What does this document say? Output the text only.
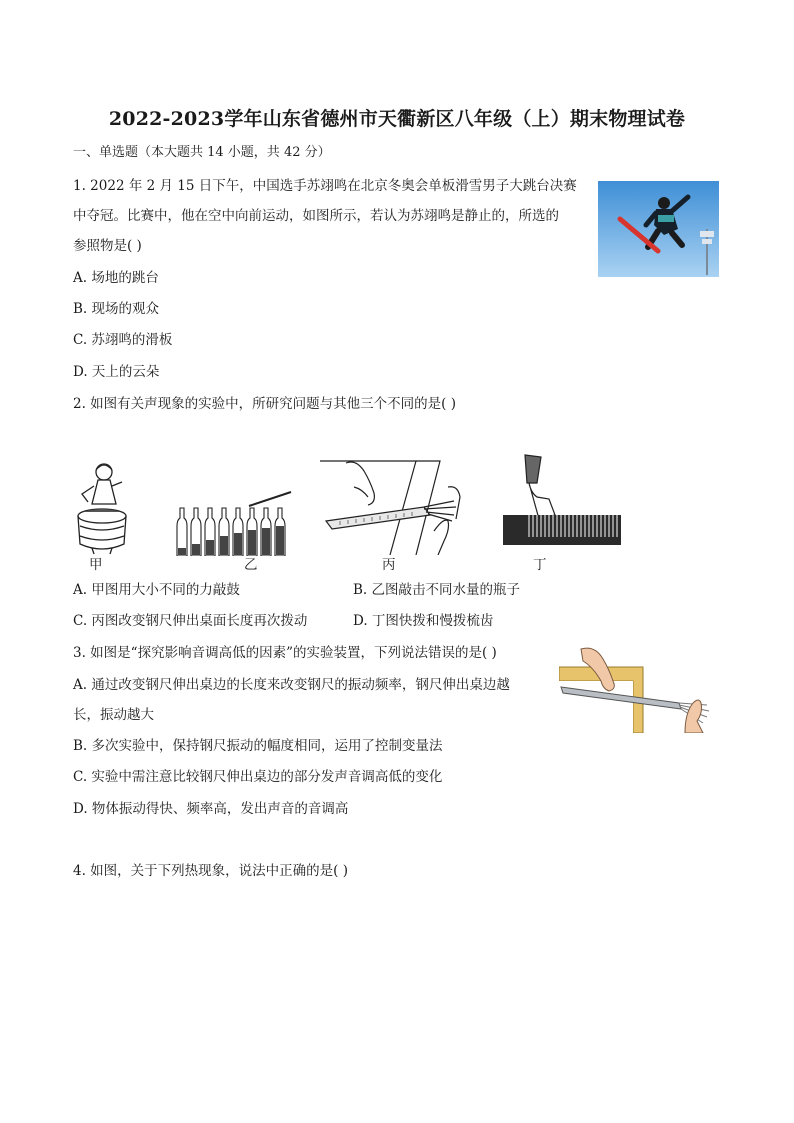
2022-2023学年山东省德州市天衢新区八年级（上）期末物理试卷
一、单选题（本大题共 14 小题，共 42 分）
1. 2022 年 2 月 15 日下午，中国选手苏翊鸣在北京冬奥会单板滑雪男子大跳台决赛
中夺冠。比赛中，他在空中向前运动，如图所示，若认为苏翊鸣是静止的，所选的
参照物是( )
A. 场地的跳台
B. 现场的观众
C. 苏翊鸣的滑板
D. 天上的云朵
2. 如图有关声现象的实验中，所研究问题与其他三个不同的是( )
甲	乙	丙	丁
A. 甲图用大小不同的力敲鼓	B. 乙图敲击不同水量的瓶子
C. 丙图改变钢尺伸出桌面长度再次拨动	D. 丁图快拨和慢拨梳齿
3. 如图是“探究影响音调高低的因素”的实验装置，下列说法错误的是( )
A. 通过改变钢尺伸出桌边的长度来改变钢尺的振动频率，钢尺伸出桌边越
长，振动越大
B. 多次实验中，保持钢尺振动的幅度相同，运用了控制变量法
C. 实验中需注意比较钢尺伸出桌边的部分发声音调高低的变化
D. 物体振动得快、频率高，发出声音的音调高
4. 如图，关于下列热现象，说法中正确的是( )
